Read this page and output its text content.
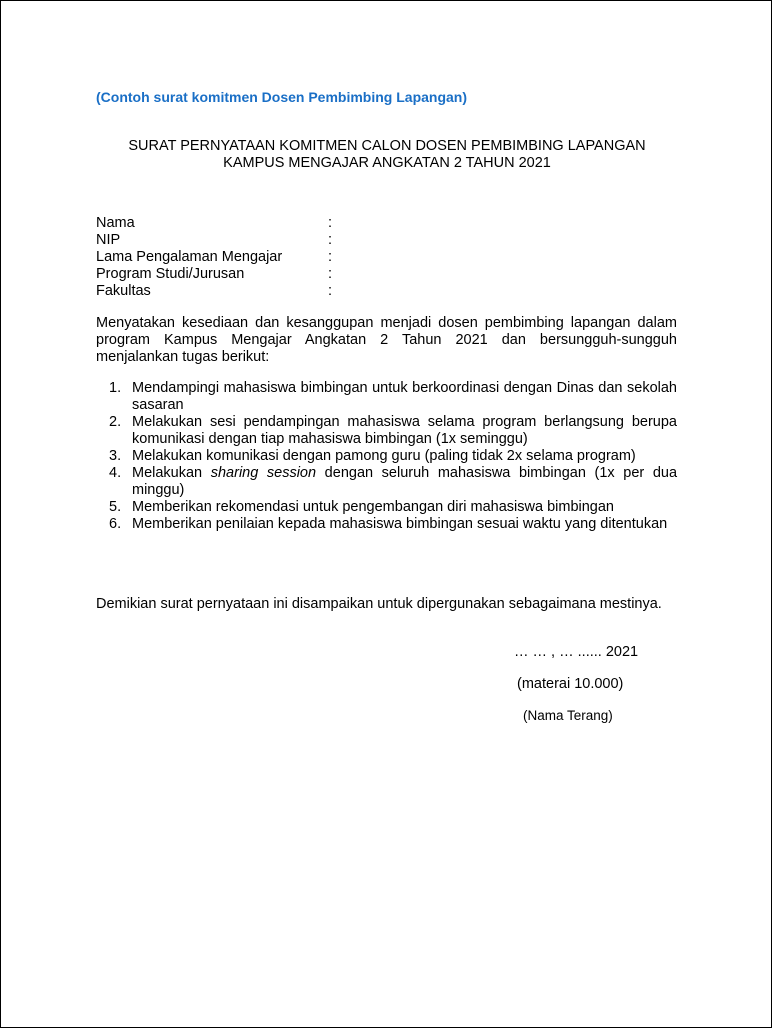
(Contoh surat komitmen Dosen Pembimbing Lapangan)
SURAT PERNYATAAN KOMITMEN CALON DOSEN PEMBIMBING LAPANGAN
KAMPUS MENGAJAR ANGKATAN 2 TAHUN 2021
Nama	:
NIP	:
Lama Pengalaman Mengajar	:
Program Studi/Jurusan	:
Fakultas	:
Menyatakan kesediaan dan kesanggupan menjadi dosen pembimbing lapangan dalam program Kampus Mengajar Angkatan 2 Tahun 2021 dan bersungguh-sungguh menjalankan tugas berikut:
1. Mendampingi mahasiswa bimbingan untuk berkoordinasi dengan Dinas dan sekolah sasaran
2. Melakukan sesi pendampingan mahasiswa selama program berlangsung berupa komunikasi dengan tiap mahasiswa bimbingan (1x seminggu)
3. Melakukan komunikasi dengan pamong guru (paling tidak 2x selama program)
4. Melakukan sharing session dengan seluruh mahasiswa bimbingan (1x per dua minggu)
5. Memberikan rekomendasi untuk pengembangan diri mahasiswa bimbingan
6. Memberikan penilaian kepada mahasiswa bimbingan sesuai waktu yang ditentukan
Demikian surat pernyataan ini disampaikan untuk dipergunakan sebagaimana mestinya.
… … , … ...... 2021
(materai 10.000)
(Nama Terang)
